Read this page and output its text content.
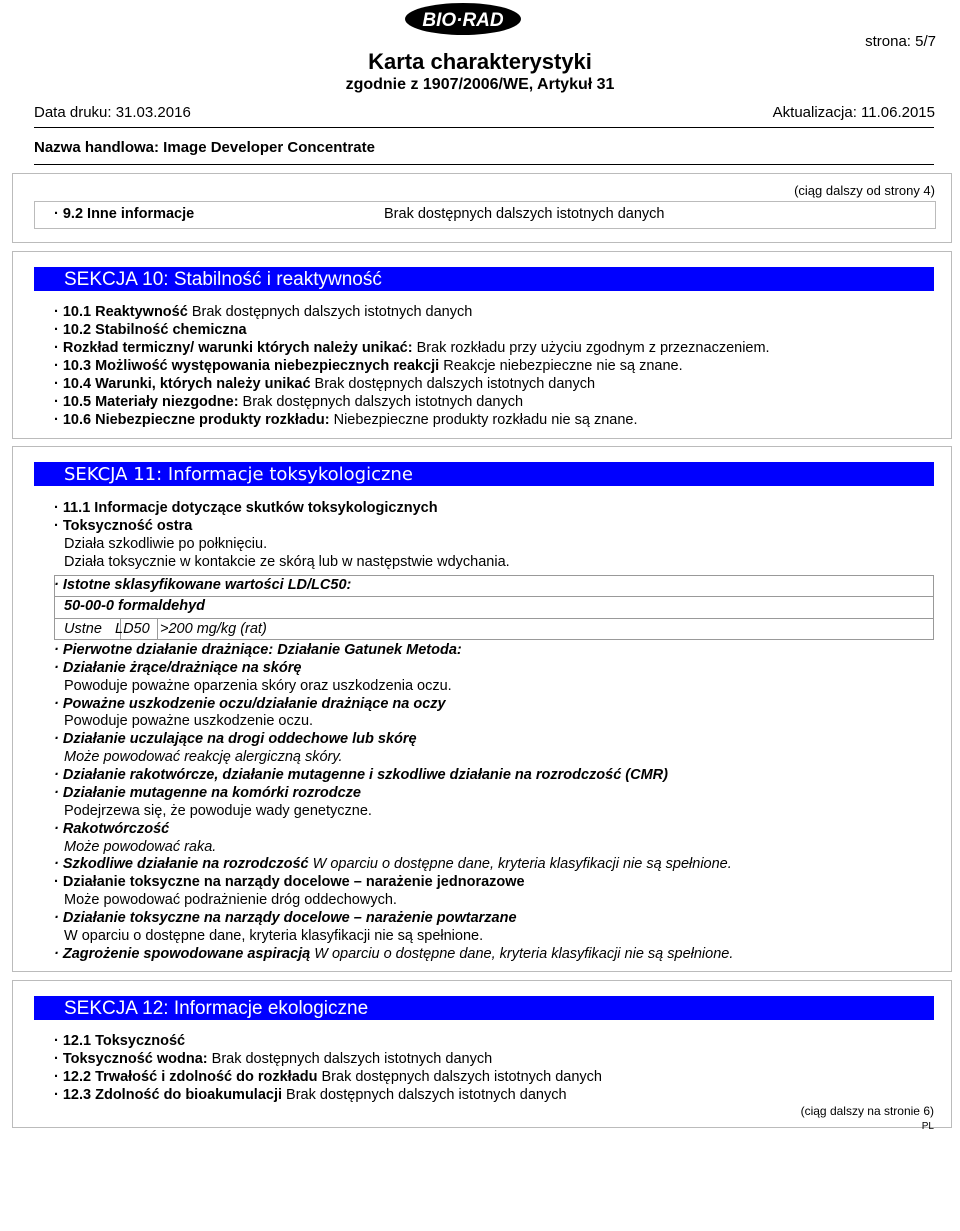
BIO·RAD
Karta charakterystyki
zgodnie z 1907/2006/WE, Artykuł 31
strona: 5/7
Data druku: 31.03.2016	Aktualizacja: 11.06.2015
Nazwa handlowa: Image Developer Concentrate
(ciąg dalszy od strony 4)
· 9.2 Inne informacje	Brak dostępnych dalszych istotnych danych
SEKCJA 10: Stabilność i reaktywność
· 10.1 Reaktywność Brak dostępnych dalszych istotnych danych
· 10.2 Stabilność chemiczna
· Rozkład termiczny/ warunki których należy unikać: Brak rozkładu przy użyciu zgodnym z przeznaczeniem.
· 10.3 Możliwość występowania niebezpiecznych reakcji Reakcje niebezpieczne nie są znane.
· 10.4 Warunki, których należy unikać Brak dostępnych dalszych istotnych danych
· 10.5 Materiały niezgodne: Brak dostępnych dalszych istotnych danych
· 10.6 Niebezpieczne produkty rozkładu: Niebezpieczne produkty rozkładu nie są znane.
SEKCJA 11: Informacje toksykologiczne
· 11.1 Informacje dotyczące skutków toksykologicznych
· Toksyczność ostra
Działa szkodliwie po połknięciu.
Działa toksycznie w kontakcie ze skórą lub w następstwie wdychania.
· Istotne sklasyfikowane wartości LD/LC50:
50-00-0 formaldehyd
Ustne LD50 >200 mg/kg (rat)
· Pierwotne działanie drażniące: Działanie Gatunek Metoda:
· Działanie żrące/drażniące na skórę
Powoduje poważne oparzenia skóry oraz uszkodzenia oczu.
· Poważne uszkodzenie oczu/działanie drażniące na oczy
Powoduje poważne uszkodzenie oczu.
· Działanie uczulające na drogi oddechowe lub skórę
Może powodować reakcję alergiczną skóry.
· Działanie rakotwórcze, działanie mutagenne i szkodliwe działanie na rozrodczość (CMR)
· Działanie mutagenne na komórki rozrodcze
Podejrzewa się, że powoduje wady genetyczne.
· Rakotwórczość
Może powodować raka.
· Szkodliwe działanie na rozrodczość W oparciu o dostępne dane, kryteria klasyfikacji nie są spełnione.
· Działanie toksyczne na narządy docelowe – narażenie jednorazowe
Może powodować podrażnienie dróg oddechowych.
· Działanie toksyczne na narządy docelowe – narażenie powtarzane
W oparciu o dostępne dane, kryteria klasyfikacji nie są spełnione.
· Zagrożenie spowodowane aspiracją W oparciu o dostępne dane, kryteria klasyfikacji nie są spełnione.
SEKCJA 12: Informacje ekologiczne
· 12.1 Toksyczność
· Toksyczność wodna: Brak dostępnych dalszych istotnych danych
· 12.2 Trwałość i zdolność do rozkładu Brak dostępnych dalszych istotnych danych
· 12.3 Zdolność do bioakumulacji Brak dostępnych dalszych istotnych danych
(ciąg dalszy na stronie 6)
PL
